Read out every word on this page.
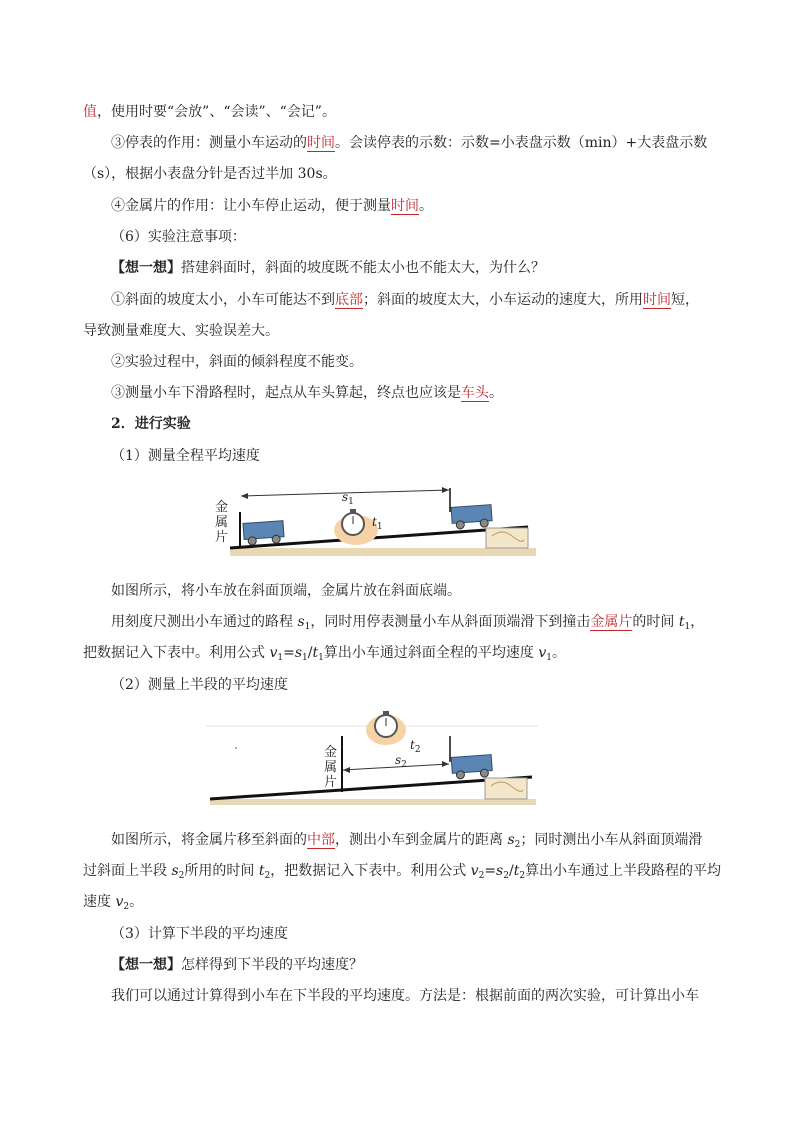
值，使用时要“会放”、“会读”、“会记”。
③停表的作用：测量小车运动的时间。会读停表的示数：示数=小表盘示数（min）+大表盘示数
（s），根据小表盘分针是否过半加 30s。
④金属片的作用：让小车停止运动，便于测量时间。
（6）实验注意事项：
【想一想】搭建斜面时，斜面的坡度既不能太小也不能太大，为什么？
①斜面的坡度太小，小车可能达不到底部；斜面的坡度太大，小车运动的速度大，所用时间短，
导致测量难度大、实验误差大。
②实验过程中，斜面的倾斜程度不能变。
③测量小车下滑路程时，起点从车头算起，终点也应该是车头。
2．进行实验
（1）测量全程平均速度
金属片
$s_1$
$t_1$
如图所示，将小车放在斜面顶端，金属片放在斜面底端。
用刻度尺测出小车通过的路程 $s_1$，同时用停表测量小车从斜面顶端滑下到撞击金属片的时间 $t_1$，
把数据记入下表中。利用公式 $v_1=s_1/t_1$算出小车通过斜面全程的平均速度 $v_1$。
（2）测量上半段的平均速度
金属片
$t_2$
$s_2$
如图所示，将金属片移至斜面的中部，测出小车到金属片的距离 $s_2$；同时测出小车从斜面顶端滑
过斜面上半段 $s_2$所用的时间 $t_2$，把数据记入下表中。利用公式 $v_2=s_2/t_2$算出小车通过上半段路程的平均
速度 $v_2$。
（3）计算下半段的平均速度
【想一想】怎样得到下半段的平均速度？
我们可以通过计算得到小车在下半段的平均速度。方法是：根据前面的两次实验，可计算出小车
